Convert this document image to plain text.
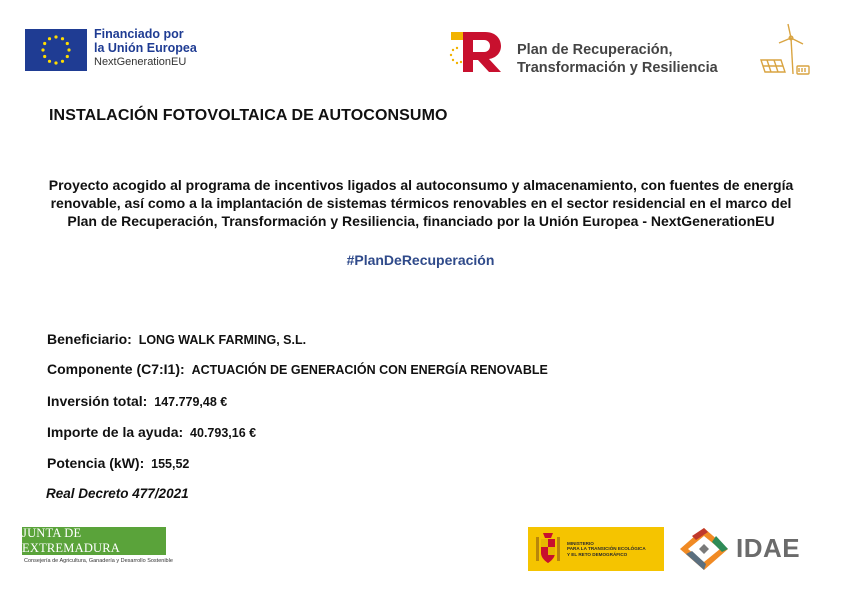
Financiado por
la Unión Europea
NextGenerationEU
Plan de Recuperación,
Transformación y Resiliencia
INSTALACIÓN FOTOVOLTAICA DE AUTOCONSUMO
Proyecto acogido al programa de incentivos ligados al autoconsumo y almacenamiento, con fuentes de energía
renovable, así como a la implantación de sistemas térmicos renovables en el sector residencial en el marco del
Plan de Recuperación, Transformación y Resiliencia, financiado por la Unión Europea - NextGenerationEU
#PlanDeRecuperación
Beneficiario: LONG WALK FARMING, S.L.
Componente (C7:I1): ACTUACIÓN DE GENERACIÓN CON ENERGÍA RENOVABLE
Inversión total: 147.779,48 €
Importe de la ayuda: 40.793,16 €
Potencia (kW): 155,52
Real Decreto 477/2021
JUNTA DE EXTREMADURA
Consejería de Agricultura, Ganadería y Desarrollo Sostenible
MINISTERIO
PARA LA TRANSICIÓN ECOLÓGICA
Y EL RETO DEMOGRÁFICO	IDAE
